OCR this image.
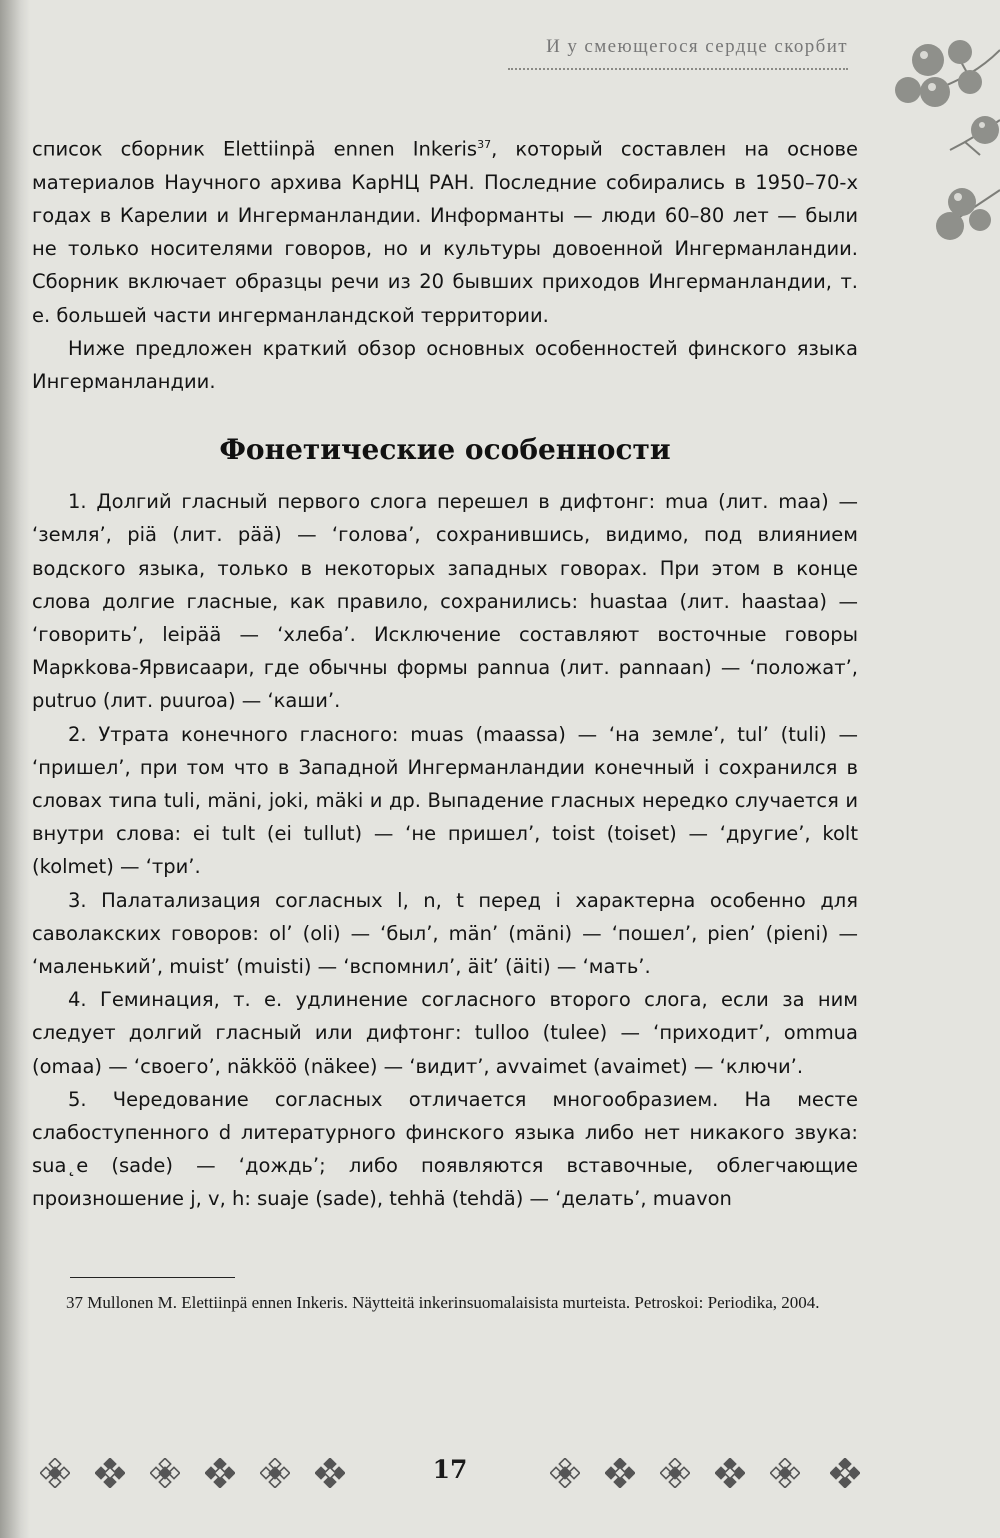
И у смеющегося сердце скорбит

список сборник Elettiinpä ennen Inkeris$^{37}$, который составлен на основе материалов Научного архива КарНЦ РАН. Последние собирались в 1950–70-х годах в Карелии и Ингерманландии. Информанты — люди 60–80 лет — были не только носителями говоров, но и культуры довоенной Ингерманландии. Сборник включает образцы речи из 20 бывших приходов Ингерманландии, т. е. большей части ингерманландской территории.

Ниже предложен краткий обзор основных особенностей финского языка Ингерманландии.

Фонетические особенности

1. Долгий гласный первого слога перешел в дифтонг: mua (лит. maa) — ‘земля’, piä (лит. pää) — ‘голова’, сохранившись, видимо, под влиянием водского языка, только в некоторых западных говорах. При этом в конце слова долгие гласные, как правило, сохранились: huastaa (лит. haastaa) — ‘говорить’, leipää — ‘хлеба’. Исключение составляют восточные говоры Маркkова-Ярвисаари, где обычны формы pannua (лит. pannaan) — ‘положат’, putruo (лит. puuroa) — ‘каши’.

2. Утрата конечного гласного: muas (maassa) — ‘на земле’, tul’ (tuli) — ‘пришел’, при том что в Западной Ингерманландии конечный i сохранился в словах типа tuli, mäni, joki, mäki и др. Выпадение гласных нередко случается и внутри слова: ei tult (ei tullut) — ‘не пришел’, toist (toiset) — ‘другие’, kolt (kolmet) — ‘три’.

3. Палатализация согласных l, n, t перед i характерна особенно для саволакских говоров: ol’ (oli) — ‘был’, män’ (mäni) — ‘пошел’, pien’ (pieni) — ‘маленький’, muist’ (muisti) — ‘вспомнил’, äit’ (äiti) — ‘мать’.

4. Геминация, т. е. удлинение согласного второго слога, если за ним следует долгий гласный или дифтонг: tulloo (tulee) — ‘приходит’, ommua (omaa) — ‘своего’, näkköö (näkee) — ‘видит’, avvaimet (avaimet) — ‘ключи’.

5. Чередование согласных отличается многообразием. На месте слабоступенного d литературного финского языка либо нет никакого звука: sua˛e (sade) — ‘дождь’; либо появляются вставочные, облегчающие произношение j, v, h: suaje (sade), tehhä (tehdä) — ‘делать’, muavon

37 Mullonen M. Elettiinpä ennen Inkeris. Näytteitä inkerinsuomalaisista murteista. Petroskoi: Periodika, 2004.
17
